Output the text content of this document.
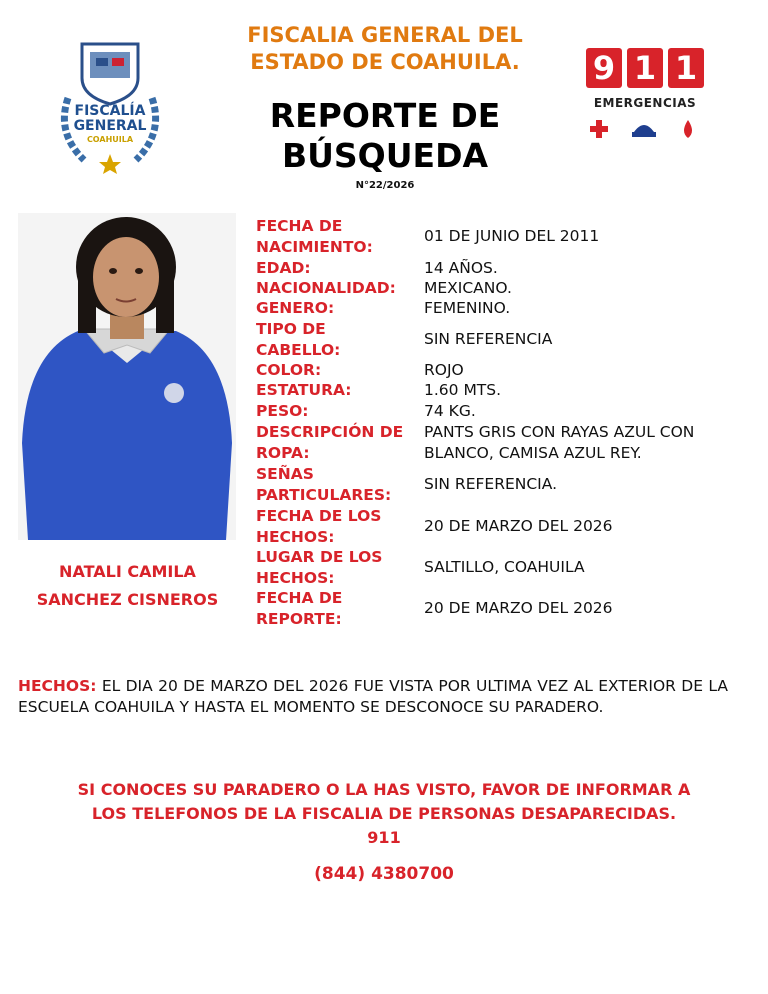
FISCALÍA
GENERAL
COAHUILA
FISCALIA GENERAL DEL
ESTADO DE COAHUILA.
REPORTE DE
BÚSQUEDA
N°22/2026
9 1 1
EMERGENCIAS
NATALI CAMILA
SANCHEZ CISNEROS
FECHA DE
NACIMIENTO:
01 DE JUNIO DEL 2011
EDAD:	14 AÑOS.
NACIONALIDAD:	MEXICANO.
GENERO:	FEMENINO.
TIPO DE
CABELLO:
SIN REFERENCIA
COLOR:	ROJO
ESTATURA:	1.60 MTS.
PESO:	74 KG.
DESCRIPCIÓN DE
ROPA:
PANTS GRIS CON RAYAS AZUL CON
BLANCO, CAMISA AZUL REY.
SEÑAS
PARTICULARES:
SIN REFERENCIA.
FECHA DE LOS
HECHOS:
20 DE MARZO DEL 2026
LUGAR DE LOS
HECHOS:
SALTILLO, COAHUILA
FECHA DE
REPORTE:
20 DE MARZO DEL 2026
HECHOS: EL DIA 20 DE MARZO DEL 2026 FUE VISTA POR ULTIMA VEZ AL EXTERIOR DE LA ESCUELA COAHUILA Y HASTA EL MOMENTO SE DESCONOCE SU PARADERO.
SI CONOCES SU PARADERO O LA HAS VISTO, FAVOR DE INFORMAR A
LOS TELEFONOS DE LA FISCALIA DE PERSONAS DESAPARECIDAS.
911
(844) 4380700
